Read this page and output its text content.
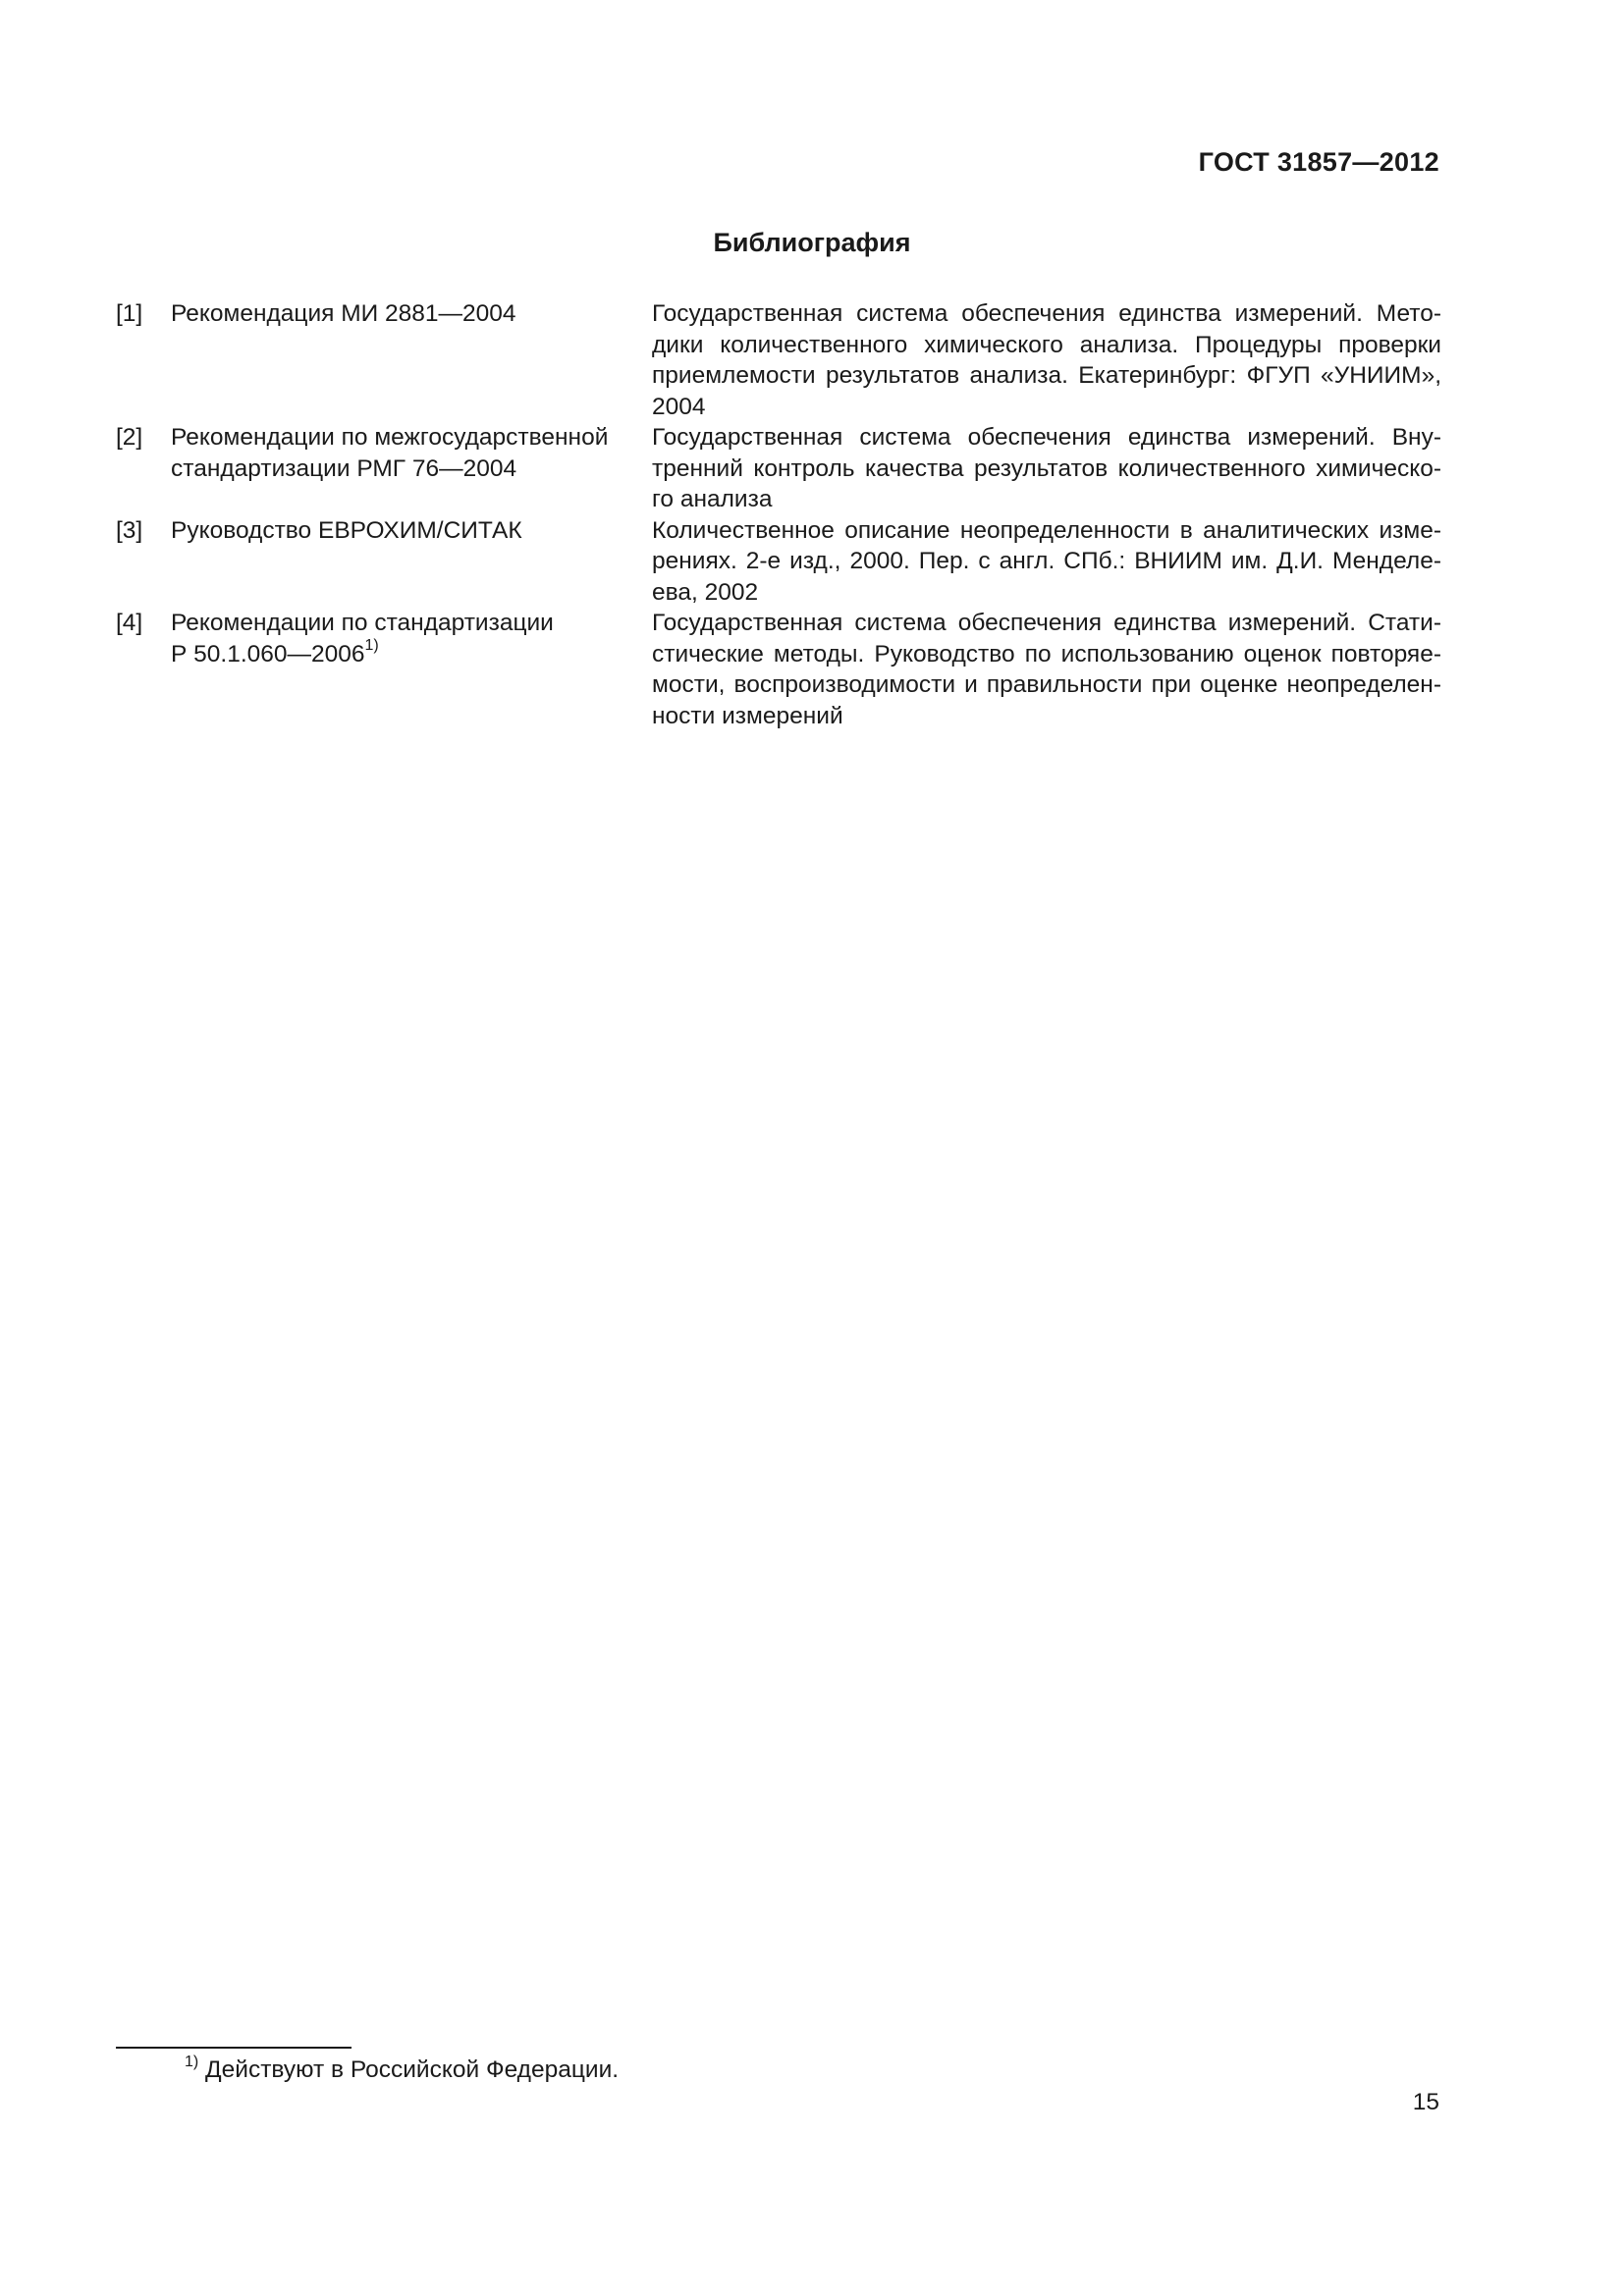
ГОСТ 31857—2012
Библиография
[1]	Рекомендация МИ 2881—2004	Государственная система обеспечения единства измерений. Мето-
дики количественного химического анализа. Процедуры проверки
приемлемости результатов анализа. Екатеринбург: ФГУП «УНИИМ»,
2004

[2]	Рекомендации по межгосударственной
стандартизации РМГ 76—2004	Государственная система обеспечения единства измерений. Вну-
тренний контроль качества результатов количественного химическо-
го анализа

[3]	Руководство ЕВРОХИМ/СИТАК	Количественное описание неопределенности в аналитических изме-
рениях. 2-е изд., 2000. Пер. с англ. СПб.: ВНИИМ им. Д.И. Менделе-
ева, 2002

[4]	Рекомендации по стандартизации
Р 50.1.060—2006$^{1)}$	Государственная система обеспечения единства измерений. Стати-
стические методы. Руководство по использованию оценок повторяе-
мости, воспроизводимости и правильности при оценке неопределен-
ности измерений
$^{1)}$ Действуют в Российской Федерации.
15
